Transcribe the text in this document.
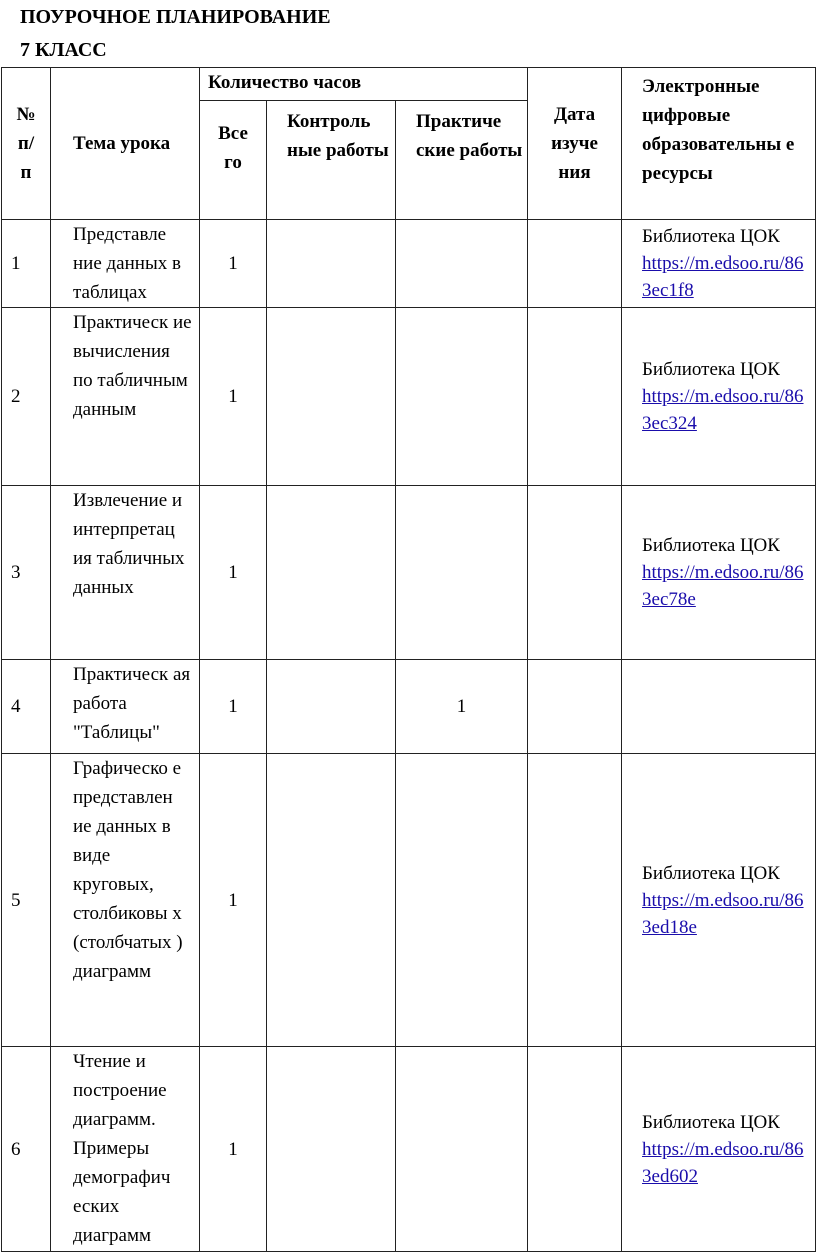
ПОУРОЧНОЕ ПЛАНИРОВАНИЕ
7 КЛАСС
№ п/п	Тема урока	Количество часов			Дата изуче ния	Электронные цифровые образовательны е ресурсы
		Все го	Контроль ные работы	Практиче ские работы		
1	Представле ние данных в таблицах	1				Библиотека ЦОК
https://m.edsoo.ru/863ec1f8

2	Практическ ие вычисления по табличным данным	1				Библиотека ЦОК
https://m.edsoo.ru/863ec324

3	Извлечение и интерпретац ия табличных данных	1				Библиотека ЦОК
https://m.edsoo.ru/863ec78e

4	Практическ ая работа "Таблицы"	1		1		
5	Графическо е представлен ие данных в виде круговых, столбиковы х (столбчатых ) диаграмм	1				Библиотека ЦОК
https://m.edsoo.ru/863ed18e

6	Чтение и построение диаграмм. Примеры демографич еских диаграмм	1				Библиотека ЦОК
https://m.edsoo.ru/863ed602
